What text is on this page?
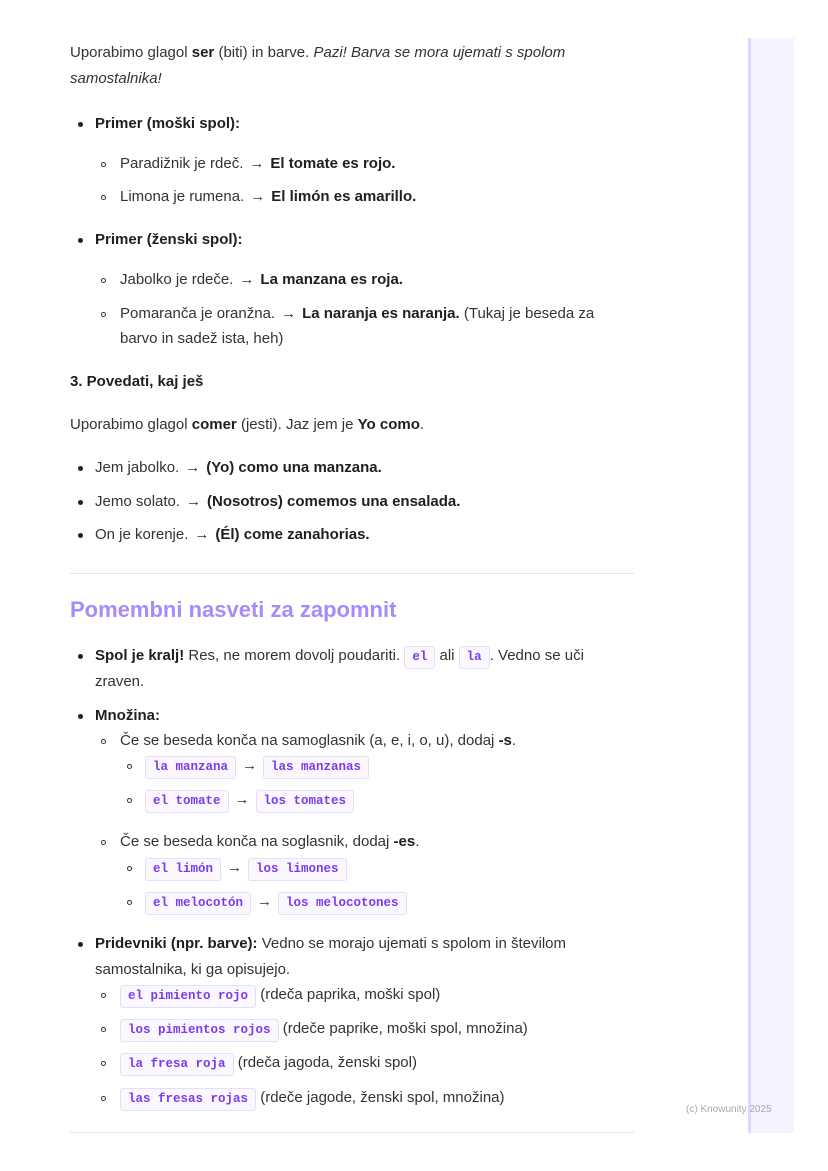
(c) Knowunity 2025

Uporabimo glagol ser (biti) in barve. Pazi! Barva se mora ujemati s spolom
samostalnika!

Primer (moški spol):
Paradižnik je rdeč. → El tomate es rojo.
Limona je rumena. → El limón es amarillo.
Primer (ženski spol):
Jabolko je rdeče. → La manzana es roja.
Pomaranča je oranžna. → La naranja es naranja. (Tukaj je beseda za
barvo in sadež ista, heh)
3. Povedati, kaj ješ
Uporabimo glagol comer (jesti). Jaz jem je Yo como.
Jem jabolko. → (Yo) como una manzana.
Jemo solato. → (Nosotros) comemos una ensalada.
On je korenje. → (Él) come zanahorias.
Pomembni nasveti za zapomnit
Spol je kralj! Res, ne morem dovolj poudariti. el ali la . Vedno se uči
zraven.
Množina:
Če se beseda konča na samoglasnik (a, e, i, o, u), dodaj -s.
la manzana → las manzanas
el tomate → los tomates
Če se beseda konča na soglasnik, dodaj -es.
el limón → los limones
el melocotón → los melocotones
Pridevniki (npr. barve): Vedno se morajo ujemati s spolom in številom
samostalnika, ki ga opisujejo.
el pimiento rojo (rdeča paprika, moški spol)
los pimientos rojos (rdeče paprike, moški spol, množina)
la fresa roja (rdeča jagoda, ženski spol)
las fresas rojas (rdeče jagode, ženski spol, množina)
